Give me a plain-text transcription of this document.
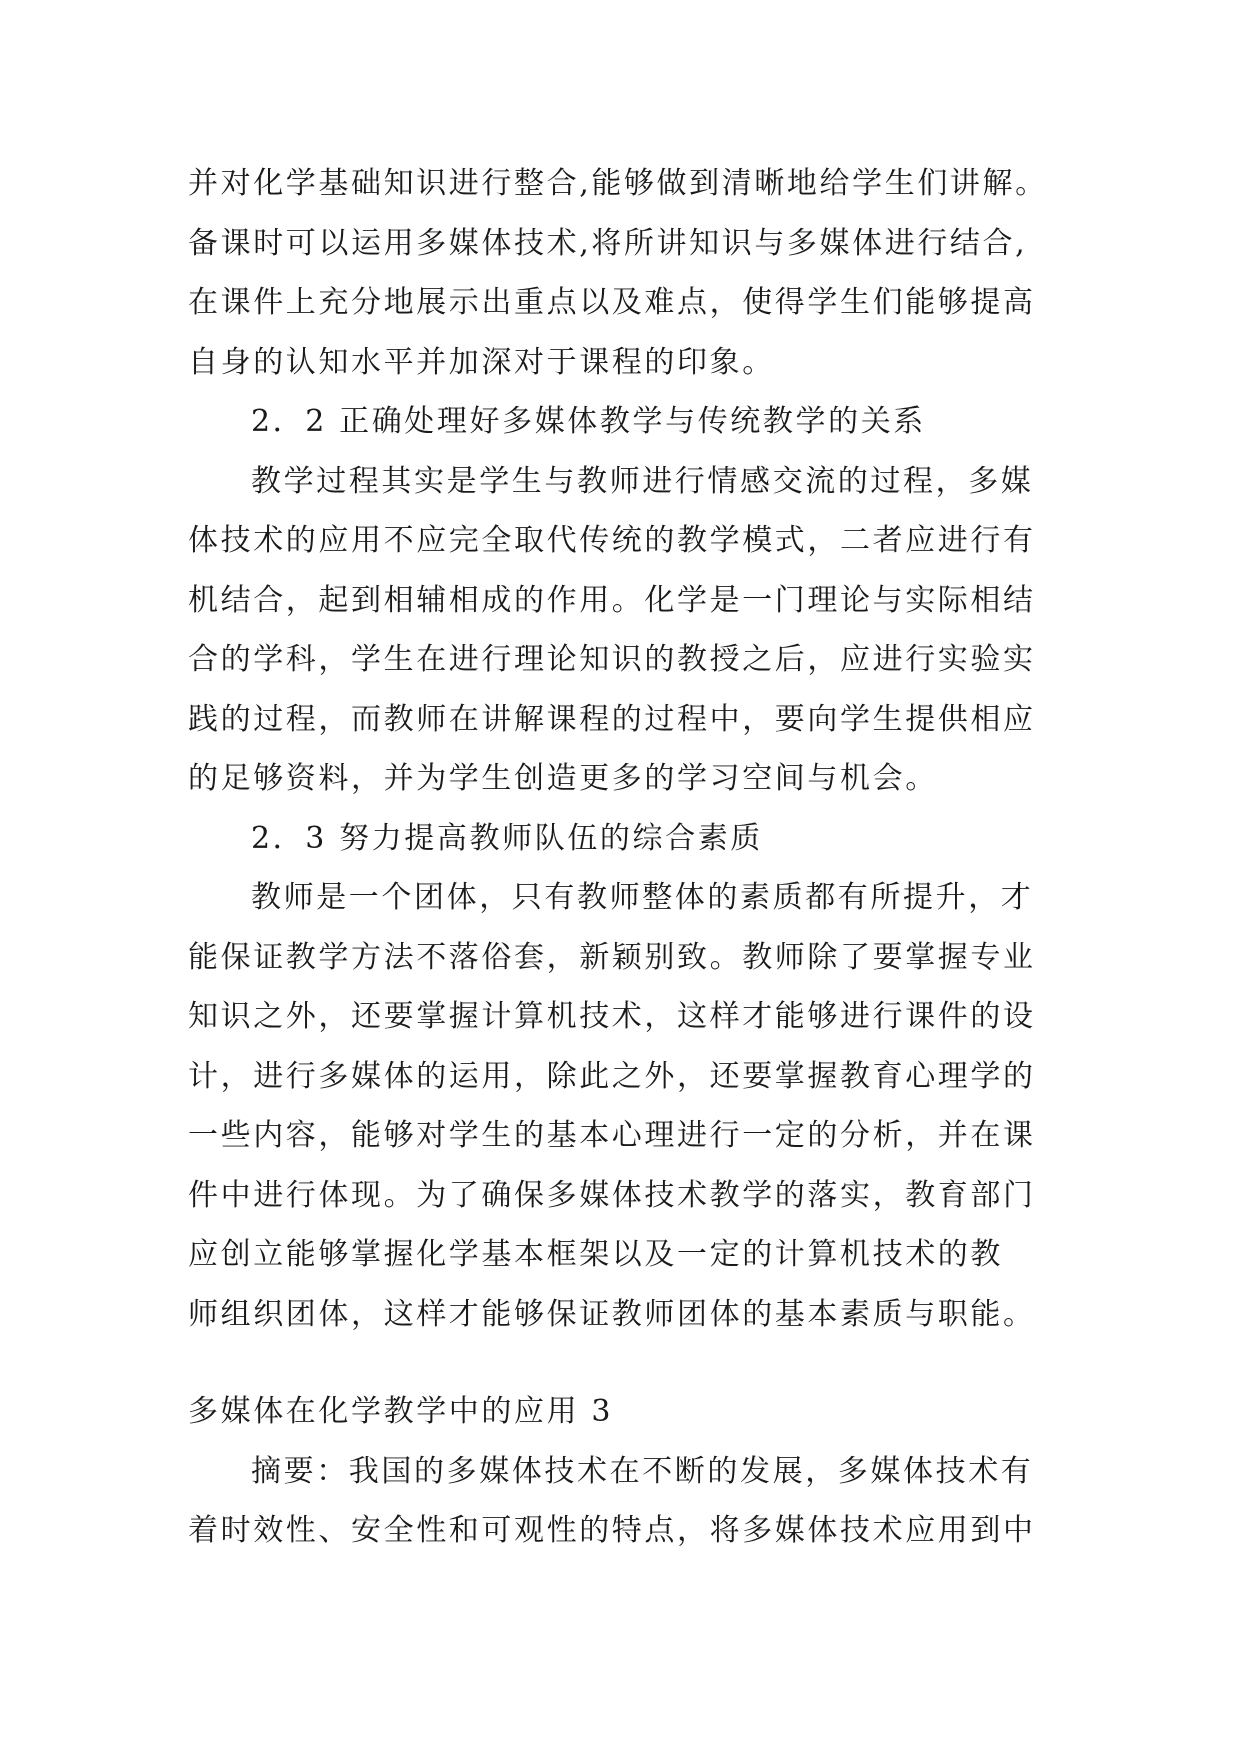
并对化学基础知识进行整合,能够做到清晰地给学生们讲解。
备课时可以运用多媒体技术,将所讲知识与多媒体进行结合,
在课件上充分地展示出重点以及难点，使得学生们能够提高
自身的认知水平并加深对于课程的印象。
2．2 正确处理好多媒体教学与传统教学的关系
教学过程其实是学生与教师进行情感交流的过程，多媒
体技术的应用不应完全取代传统的教学模式，二者应进行有
机结合，起到相辅相成的作用。化学是一门理论与实际相结
合的学科，学生在进行理论知识的教授之后，应进行实验实
践的过程，而教师在讲解课程的过程中，要向学生提供相应
的足够资料，并为学生创造更多的学习空间与机会。
2．3 努力提高教师队伍的综合素质
教师是一个团体，只有教师整体的素质都有所提升，才
能保证教学方法不落俗套，新颖别致。教师除了要掌握专业
知识之外，还要掌握计算机技术，这样才能够进行课件的设
计，进行多媒体的运用，除此之外，还要掌握教育心理学的
一些内容，能够对学生的基本心理进行一定的分析，并在课
件中进行体现。为了确保多媒体技术教学的落实，教育部门
应创立能够掌握化学基本框架以及一定的计算机技术的教
师组织团体，这样才能够保证教师团体的基本素质与职能。
多媒体在化学教学中的应用 3
摘要：我国的多媒体技术在不断的发展，多媒体技术有
着时效性、安全性和可观性的特点，将多媒体技术应用到中
